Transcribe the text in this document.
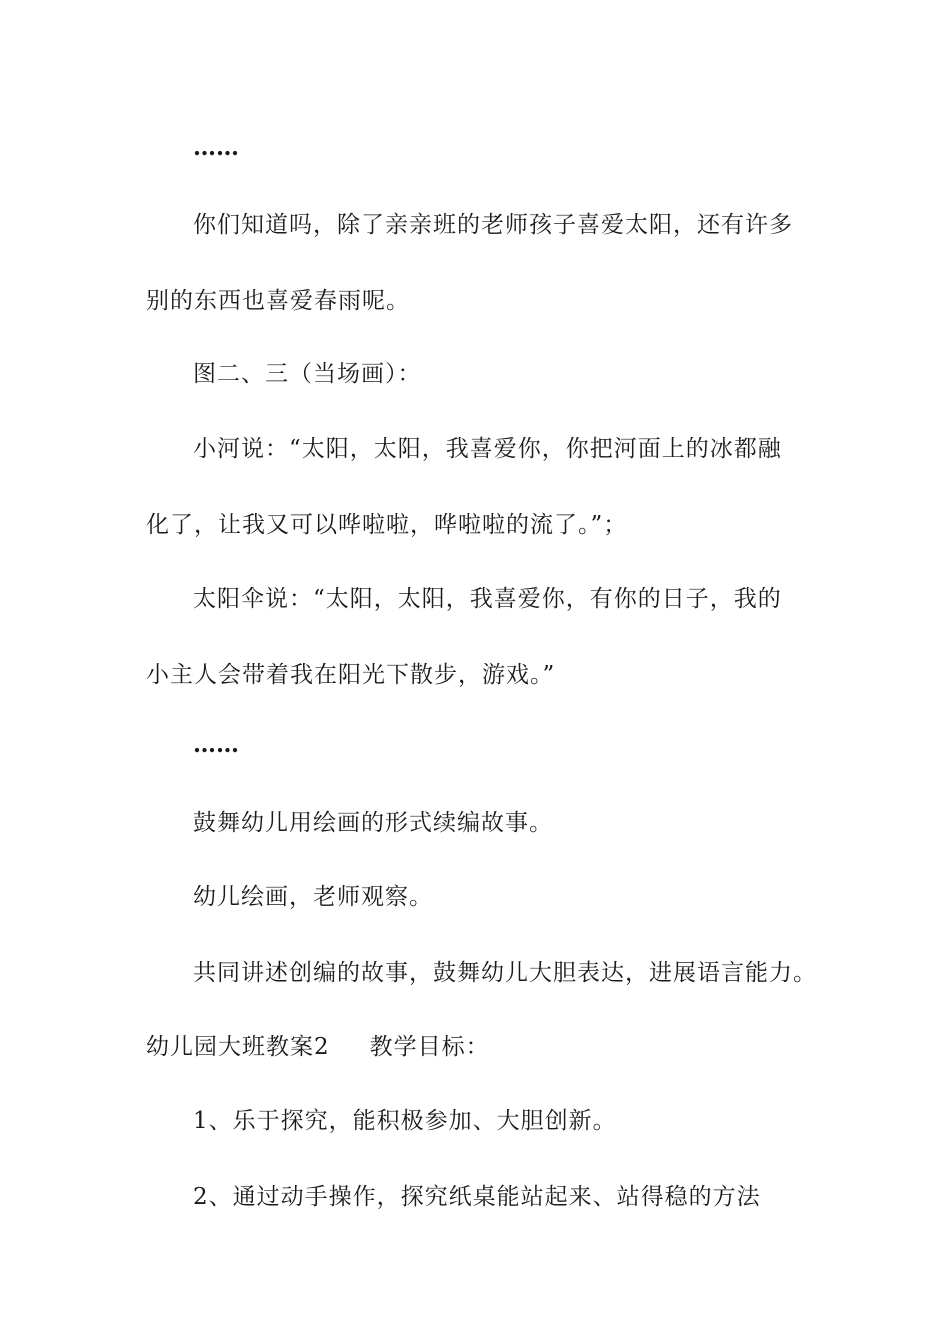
……
你们知道吗，除了亲亲班的老师孩子喜爱太阳，还有许多
别的东西也喜爱春雨呢。
图二、三（当场画）：
小河说：“太阳，太阳，我喜爱你，你把河面上的冰都融
化了，让我又可以哗啦啦，哗啦啦的流了。”；
太阳伞说：“太阳，太阳，我喜爱你，有你的日子，我的
小主人会带着我在阳光下散步，游戏。”
……
鼓舞幼儿用绘画的形式续编故事。
幼儿绘画，老师观察。
共同讲述创编的故事，鼓舞幼儿大胆表达，进展语言能力。
幼儿园大班教案2 教学目标：
1、乐于探究，能积极参加、大胆创新。
2、通过动手操作，探究纸桌能站起来、站得稳的方法
